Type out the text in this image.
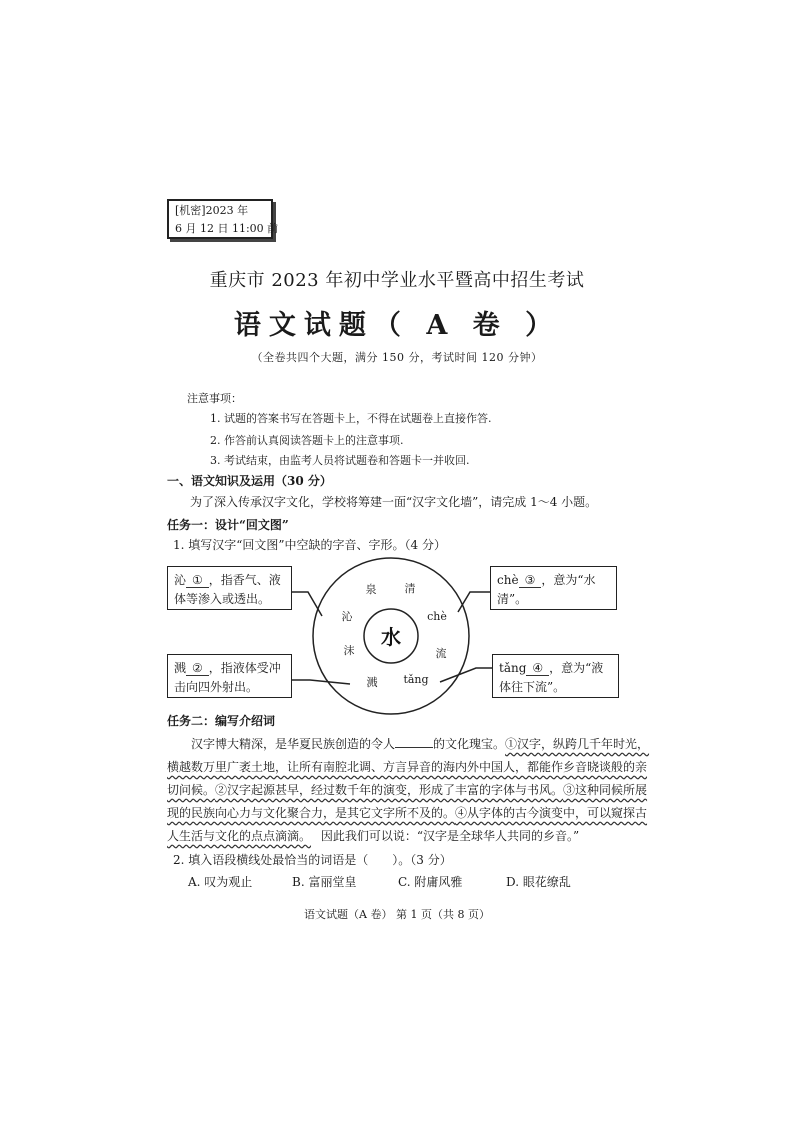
[机密]2023 年
6 月 12 日 11:00 前
重庆市 2023 年初中学业水平暨高中招生考试
语文试题（ A 卷 ）
（全卷共四个大题，满分 150 分，考试时间 120 分钟）
注意事项：
1. 试题的答案书写在答题卡上，不得在试题卷上直接作答.
2. 作答前认真阅读答题卡上的注意事项.
3. 考试结束，由监考人员将试题卷和答题卡一并收回.
一、语文知识及运用（30 分）
为了深入传承汉字文化，学校将筹建一面“汉字文化墙”，请完成 1～4 小题。
任务一：设计“回文图”
1. 填写汉字“回文图”中空缺的字音、字形。（4 分）
泉	清
chè
流
tǎng
溅
沫
沁
水
沁 ① ，指香气、液
体等渗入或透出。
chè ③ ，意为“水
清”。
溅 ② ，指液体受冲
击向四外射出。
tǎng ④ ，意为“液
体往下流”。
任务二：编写介绍词
汉字博大精深，是华夏民族创造的令人	的文化瑰宝。①汉字，纵跨几千年时光，
横越数万里广袤土地，让所有南腔北调、方言异音的海内外中国人，都能作乡音晓谈般的亲
切问候。②汉字起源甚早，经过数千年的演变，形成了丰富的字体与书风。③这种同候所展
现的民族向心力与文化聚合力，是其它文字所不及的。④从字体的古今演变中，可以窥探古
人生活与文化的点点滴滴。 因此我们可以说：“汉字是全球华人共同的乡音。”
2. 填入语段横线处最恰当的词语是（　　）。（3 分）
A. 叹为观止	B. 富丽堂皇	C. 附庸风雅	D. 眼花缭乱
语文试题（A 卷） 第 1 页（共 8 页）
